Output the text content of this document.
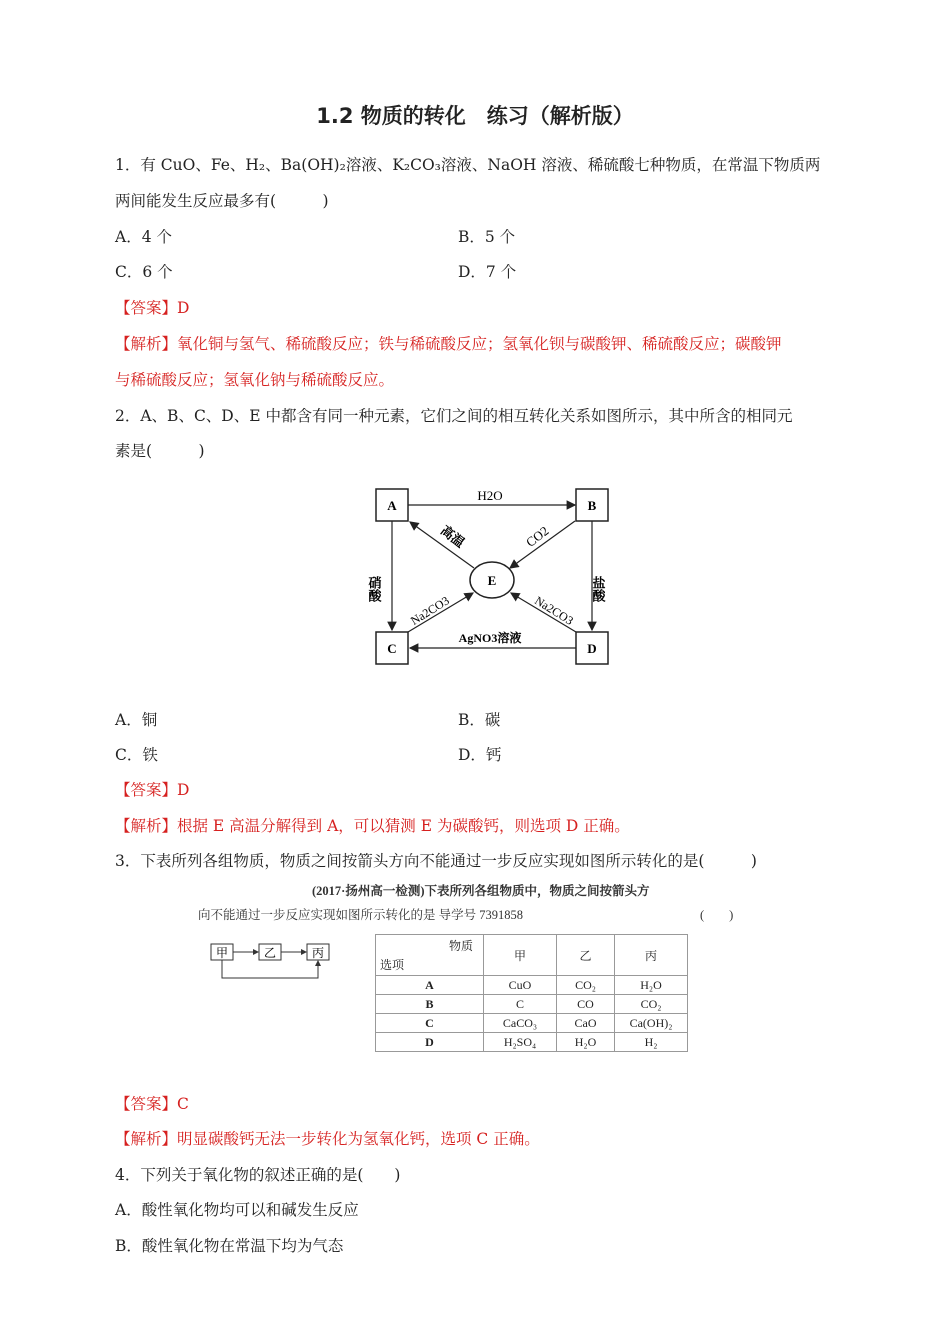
1.2 物质的转化　练习（解析版）
1．有 CuO、Fe、H₂、Ba(OH)₂溶液、K₂CO₃溶液、NaOH 溶液、稀硫酸七种物质，在常温下物质两
两间能发生反应最多有(　　　)
A．4 个	B．5 个
C．6 个	D．7 个
【答案】D
【解析】氧化铜与氢气、稀硫酸反应；铁与稀硫酸反应；氢氧化钡与碳酸钾、稀硫酸反应；碳酸钾
与稀硫酸反应；氢氧化钠与稀硫酸反应。
2．A、B、C、D、E 中都含有同一种元素，它们之间的相互转化关系如图所示，其中所含的相同元
素是(　　　)
A	B
C	D
E
H2O
CO2
高温
硝酸	盐酸
Na2CO3	Na2CO3
AgNO3溶液
A．铜	B．碳
C．铁	D．钙
【答案】D
【解析】根据 E 高温分解得到 A，可以猜测 E 为碳酸钙，则选项 D 正确。
3．下表所列各组物质，物质之间按箭头方向不能通过一步反应实现如图所示转化的是(　　　)
(2017·扬州高一检测)下表所列各组物质中，物质之间按箭头方
向不能通过一步反应实现如图所示转化的是 导学号 7391858	(　　)
甲	乙	丙	物质
选项	甲	乙	丙
A	CuO	CO₂	H₂O
B	C	CO	CO₂
C	CaCO₃	CaO	Ca(OH)₂
D	H₂SO₄	H₂O	H₂
【答案】C
【解析】明显碳酸钙无法一步转化为氢氧化钙，选项 C 正确。
4．下列关于氧化物的叙述正确的是(　　)
A．酸性氧化物均可以和碱发生反应
B．酸性氧化物在常温下均为气态
